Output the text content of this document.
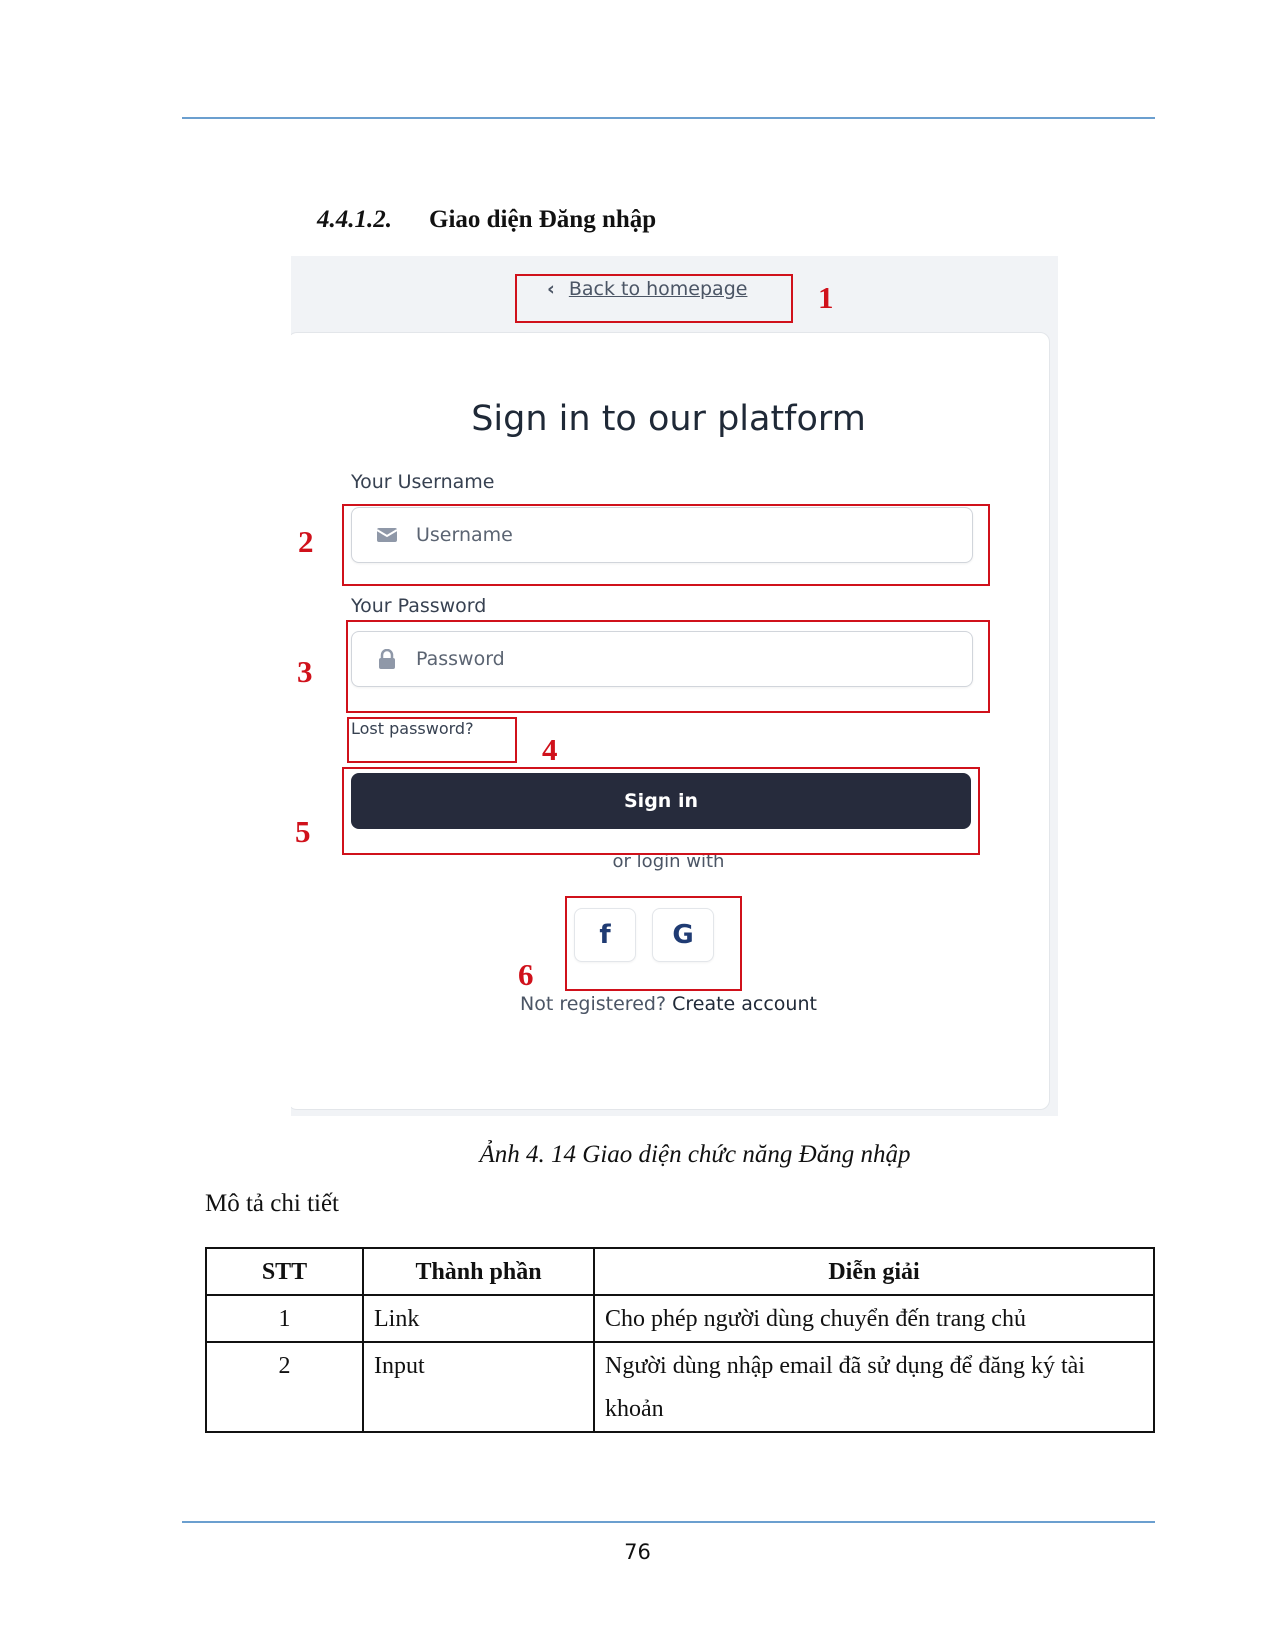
4.4.1.2. Giao diện Đăng nhập
‹ Back to homepage
Sign in to our platform
Your Username
Username
Your Password
Lost password?
Sign in
or login with
f G
Not registered? Create account
1
2
3
4
5
6
Ảnh 4. 14 Giao diện chức năng Đăng nhập
Mô tả chi tiết
STT	Thành phần	Diễn giải
1	Link	Cho phép người dùng chuyển đến trang chủ
2	Input	Người dùng nhập email đã sử dụng để đăng ký tài khoản
76
